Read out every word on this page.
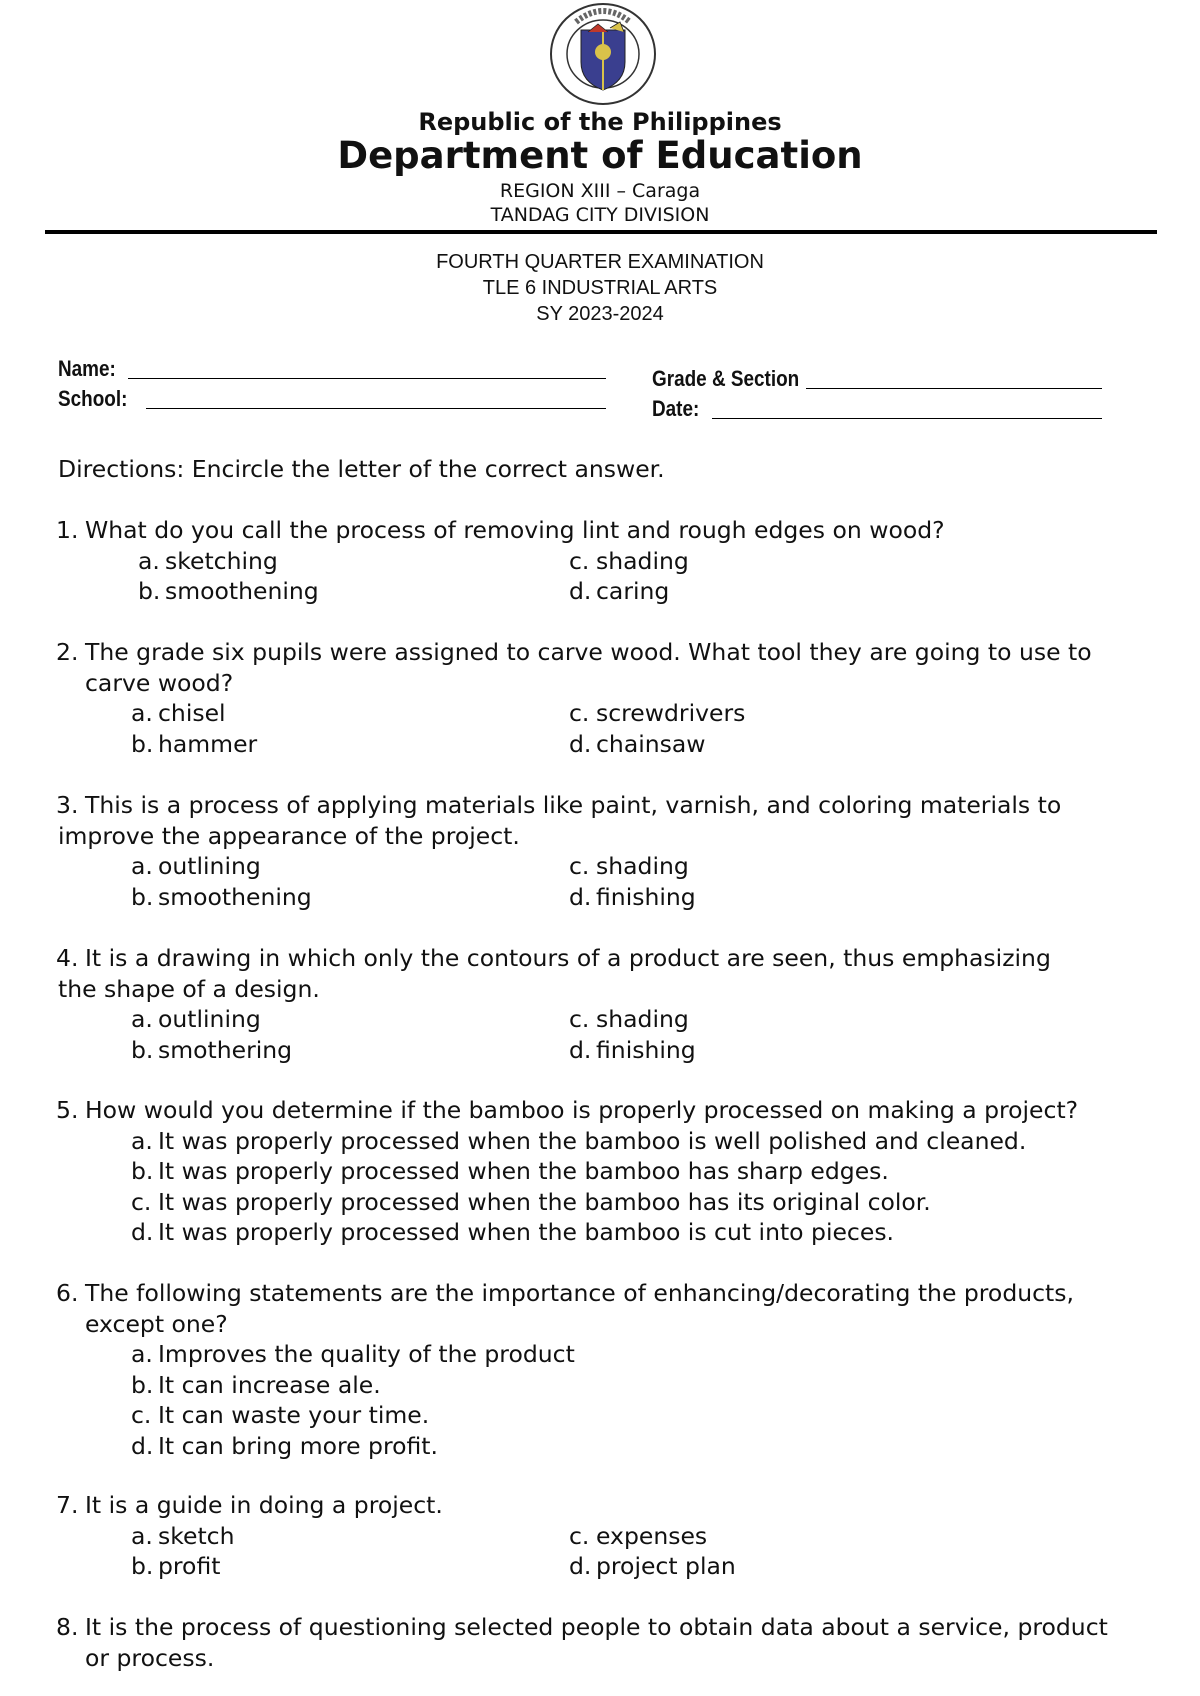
Republic of the Philippines
Department of Education
REGION XIII – Caraga
TANDAG CITY DIVISION
FOURTH QUARTER EXAMINATION
TLE 6 INDUSTRIAL ARTS
SY 2023-2024
Name:
School:
Grade & Section
Date:
Directions: Encircle the letter of the correct answer.
1. What do you call the process of removing lint and rough edges on wood?
a. sketching
b. smoothening
c. shading
d. caring
2. The grade six pupils were assigned to carve wood. What tool they are going to use to
carve wood?
a. chisel
b. hammer
c. screwdrivers
d. chainsaw
3. This is a process of applying materials like paint, varnish, and coloring materials to
improve the appearance of the project.
a. outlining
b. smoothening
c. shading
d. finishing
4. It is a drawing in which only the contours of a product are seen, thus emphasizing
the shape of a design.
a. outlining
b. smothering
c. shading
d. finishing
5. How would you determine if the bamboo is properly processed on making a project?
a. It was properly processed when the bamboo is well polished and cleaned.
b. It was properly processed when the bamboo has sharp edges.
c. It was properly processed when the bamboo has its original color.
d. It was properly processed when the bamboo is cut into pieces.
6. The following statements are the importance of enhancing/decorating the products,
except one?
a. Improves the quality of the product
b. It can increase ale.
c. It can waste your time.
d. It can bring more profit.
7. It is a guide in doing a project.
a. sketch
b. profit
c. expenses
d. project plan
8. It is the process of questioning selected people to obtain data about a service, product
or process.
